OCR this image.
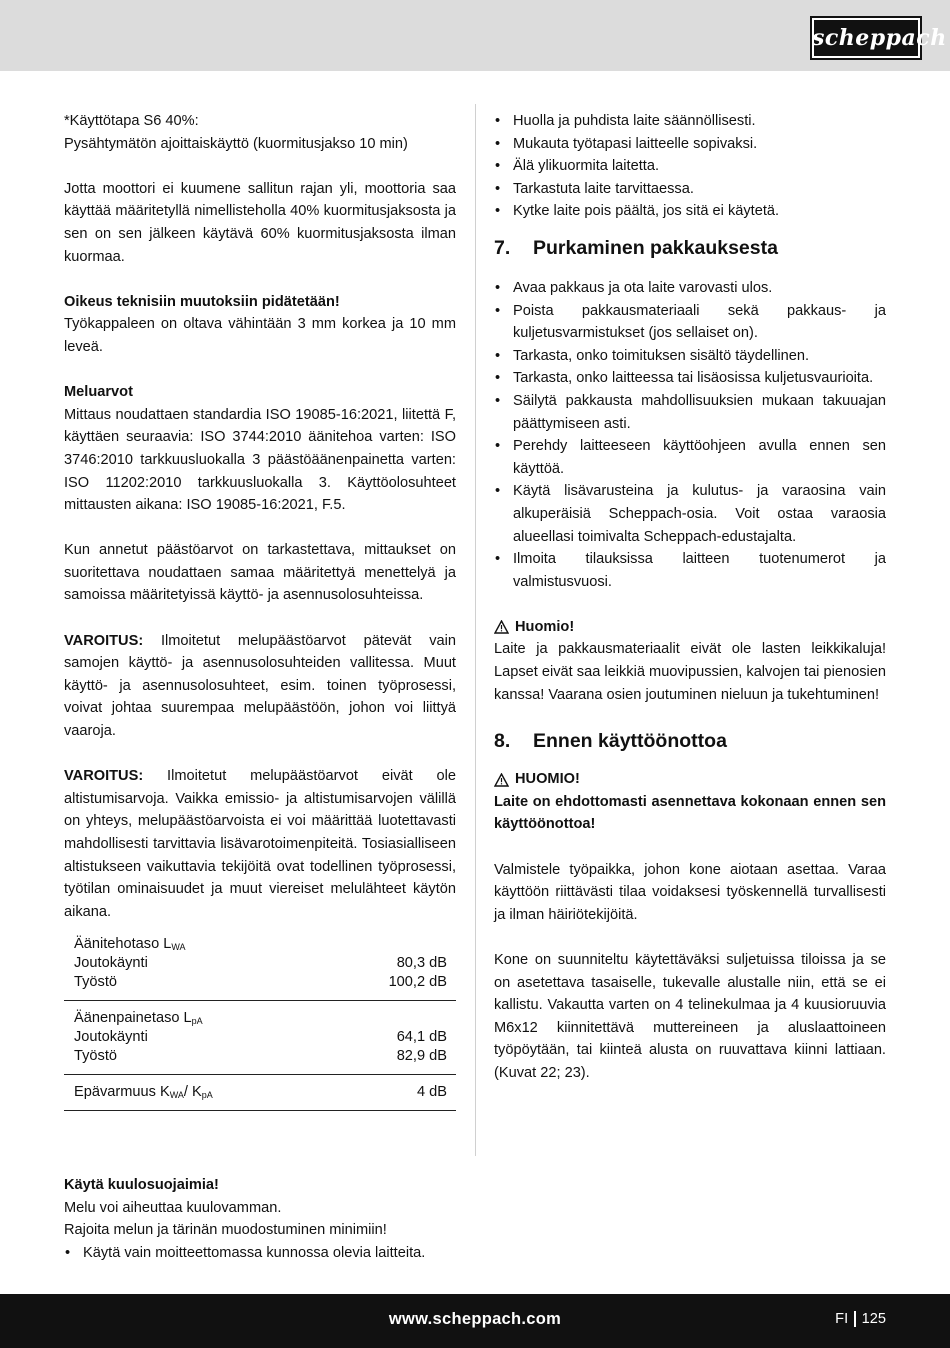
scheppach

*Käyttötapa S6 40%:

Pysähtymätön ajoittaiskäyttö (kuormitusjakso 10 min)

Jotta moottori ei kuumene sallitun rajan yli, moottoria saa käyttää määritetyllä nimellisteholla 40% kuormitusjaksosta ja sen on sen jälkeen käytävä 60% kuormitusjaksosta ilman kuormaa.

Oikeus teknisiin muutoksiin pidätetään!

Työkappaleen on oltava vähintään 3 mm korkea ja 10 mm leveä.

Meluarvot

Mittaus noudattaen standardia ISO 19085-16:2021, liitettä F, käyttäen seuraavia: ISO 3744:2010 äänitehoa varten: ISO 3746:2010 tarkkuusluokalla 3 päästöäänenpainetta varten: ISO 11202:2010 tarkkuusluokalla 3. Käyttöolosuhteet mittausten aikana: ISO 19085-16:2021, F.5.

Kun annetut päästöarvot on tarkastettava, mittaukset on suoritettava noudattaen samaa määritettyä menettelyä ja samoissa määritetyissä käyttö- ja asennusolosuhteissa.

VAROITUS: Ilmoitetut melupäästöarvot pätevät vain samojen käyttö- ja asennusolosuhteiden vallitessa. Muut käyttö- ja asennusolosuhteet, esim. toinen työprosessi, voivat johtaa suurempaa melupäästöön, johon voi liittyä vaaroja.

VAROITUS: Ilmoitetut melupäästöarvot eivät ole altistumisarvoja. Vaikka emissio- ja altistumisarvojen välillä on yhteys, melupäästöarvoista ei voi määrittää luotettavasti mahdollisesti tarvittavia lisävarotoimenpiteitä. Tosiasialliseen altistukseen vaikuttavia tekijöitä ovat todellinen työprosessi, työtilan ominaisuudet ja muut viereiset melulähteet käytön aikana.

Äänitehotaso $L_{WA}$	
Joutokäynti	80,3 dB
Työstö	100,2 dB

Äänenpainetaso $L_{pA}$	
Joutokäynti	64,1 dB
Työstö	82,9 dB

Epävarmuus $K_{WA}/$ $K_{pA}$	4 dB

Käytä kuulosuojaimia!

Melu voi aiheuttaa kuulovamman.

Rajoita melun ja tärinän muodostuminen minimiin!

• Käytä vain moitteettomassa kunnossa olevia laitteita.
• Huolla ja puhdista laite säännöllisesti.
• Mukauta työtapasi laitteelle sopivaksi.
• Älä ylikuormita laitetta.
• Tarkastuta laite tarvittaessa.
• Kytke laite pois päältä, jos sitä ei käytetä.
7.	Purkaminen pakkauksesta
• Avaa pakkaus ja ota laite varovasti ulos.
• Poista pakkausmateriaali sekä pakkaus- ja kuljetusvarmistukset (jos sellaiset on).
• Tarkasta, onko toimituksen sisältö täydellinen.
• Tarkasta, onko laitteessa tai lisäosissa kuljetusvaurioita.
• Säilytä pakkausta mahdollisuuksien mukaan takuuajan päättymiseen asti.
• Perehdy laitteeseen käyttöohjeen avulla ennen sen käyttöä.
• Käytä lisävarusteina ja kulutus- ja varaosina vain alkuperäisiä Scheppach-osia. Voit ostaa varaosia alueellasi toimivalta Scheppach-edustajalta.
• Ilmoita tilauksissa laitteen tuotenumerot ja valmistusvuosi.
Huomio!

Laite ja pakkausmateriaalit eivät ole lasten leikkikaluja! Lapset eivät saa leikkiä muovipussien, kalvojen tai pienosien kanssa! Vaarana osien joutuminen nieluun ja tukehtuminen!

8.	Ennen käyttöönottoa
HUOMIO!

Laite on ehdottomasti asennettava kokonaan ennen sen käyttöönottoa!

Valmistele työpaikka, johon kone aiotaan asettaa. Varaa käyttöön riittävästi tilaa voidaksesi työskennellä turvallisesti ja ilman häiriötekijöitä.

Kone on suunniteltu käytettäväksi suljetuissa tiloissa ja se on asetettava tasaiselle, tukevalle alustalle niin, että se ei kallistu. Vakautta varten on 4 telinekulmaa ja 4 kuusioruuvia M6x12 kiinnitettävä muttereineen ja aluslaattoineen työpöytään, tai kiinteä alusta on ruuvattava kiinni lattiaan. (Kuvat 22; 23).

www.scheppach.com	FI 125
